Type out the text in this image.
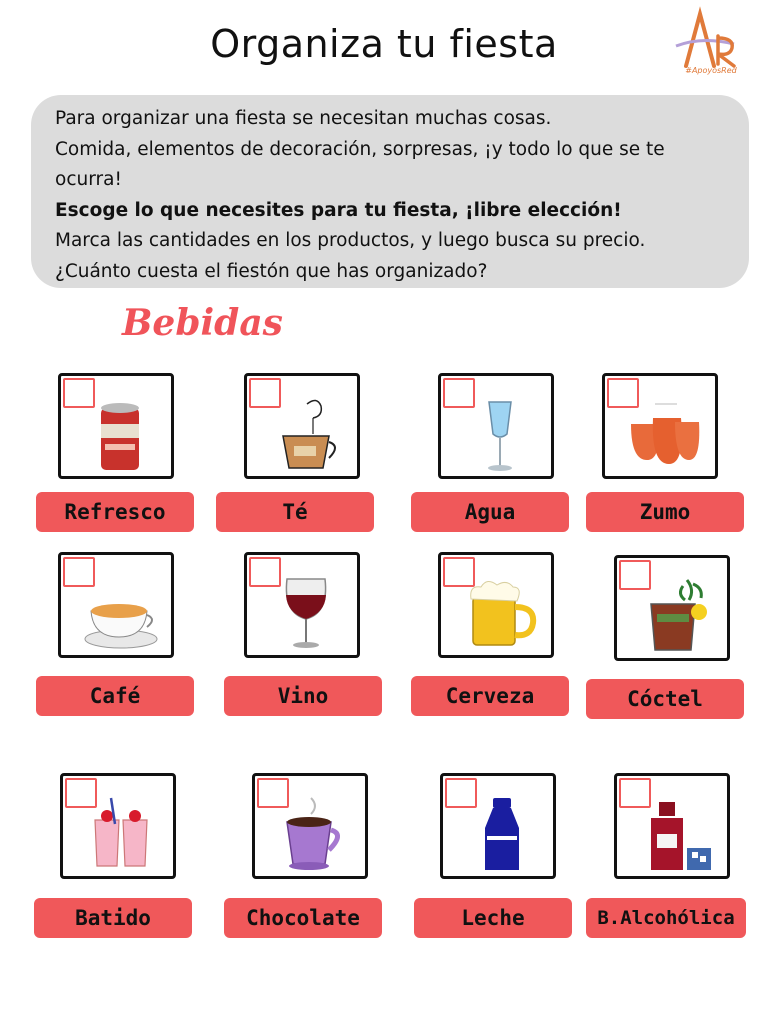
Organiza tu fiesta
#ApoyosRed

Para organizar una fiesta se necesitan muchas cosas.

Comida, elementos de decoración, sorpresas, ¡y todo lo que se te

ocurra!

Escoge lo que necesites para tu fiesta, ¡libre elección!

Marca las cantidades en los productos, y luego busca su precio.

¿Cuánto cuesta el fiestón que has organizado?

Bebidas
Refresco	Té	Agua	Zumo
Café	Vino	Cerveza	Cóctel
Batido	Chocolate	Leche	B.Alcohólica
